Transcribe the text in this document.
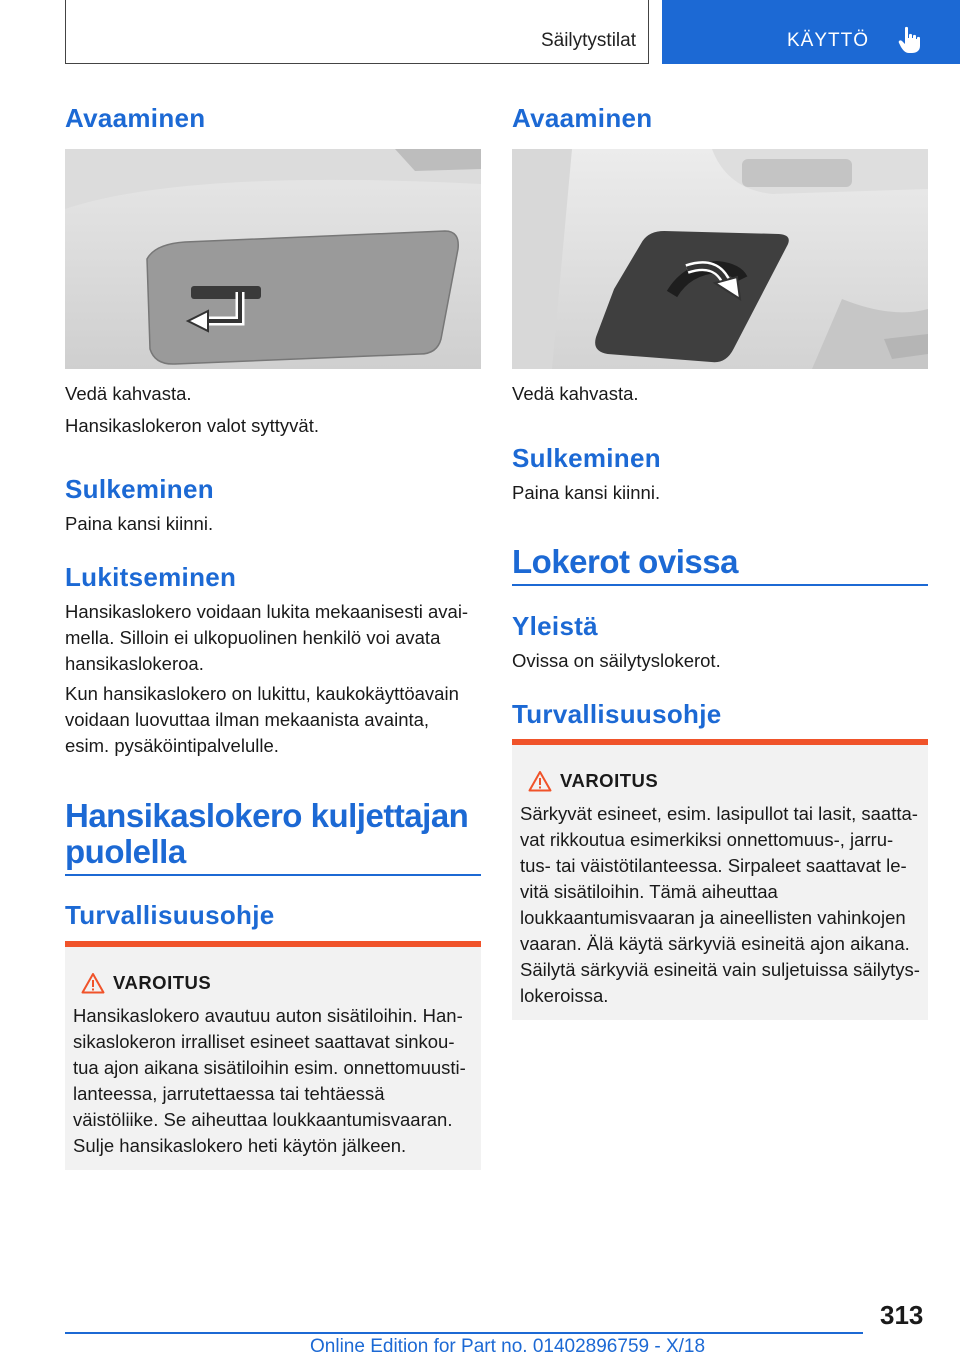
Säilytystilat	KÄYTTÖ
Avaaminen
Vedä kahvasta.
Hansikaslokeron valot syttyvät.
Sulkeminen
Paina kansi kiinni.
Lukitseminen
Hansikaslokero voidaan lukita mekaanisesti avai‐
mella. Silloin ei ulkopuolinen henkilö voi avata
hansikaslokeroa.
Kun hansikaslokero on lukittu, kaukokäyttöavain
voidaan luovuttaa ilman mekaanista avainta,
esim. pysäköintipalvelulle.
Hansikaslokero kuljettajan
puolella
Turvallisuusohje
VAROITUS
Hansikaslokero avautuu auton sisätiloihin. Han‐
sikaslokeron irralliset esineet saattavat sinkou‐
tua ajon aikana sisätiloihin esim. onnettomuusti‐
lanteessa, jarrutettaessa tai tehtäessä
väistöliike. Se aiheuttaa loukkaantumisvaaran.
Sulje hansikaslokero heti käytön jälkeen.
Avaaminen
Vedä kahvasta.
Sulkeminen
Paina kansi kiinni.
Lokerot ovissa
Yleistä
Ovissa on säilytyslokerot.
Turvallisuusohje
VAROITUS
Särkyvät esineet, esim. lasipullot tai lasit, saatta‐
vat rikkoutua esimerkiksi onnettomuus-, jarru‐
tus- tai väistötilanteessa. Sirpaleet saattavat le‐
vitä sisätiloihin. Tämä aiheuttaa
loukkaantumisvaaran ja aineellisten vahinkojen
vaaran. Älä käytä särkyviä esineitä ajon aikana.
Säilytä särkyviä esineitä vain suljetuissa säilytys‐
lokeroissa.
313
Online Edition for Part no. 01402896759 - X/18
